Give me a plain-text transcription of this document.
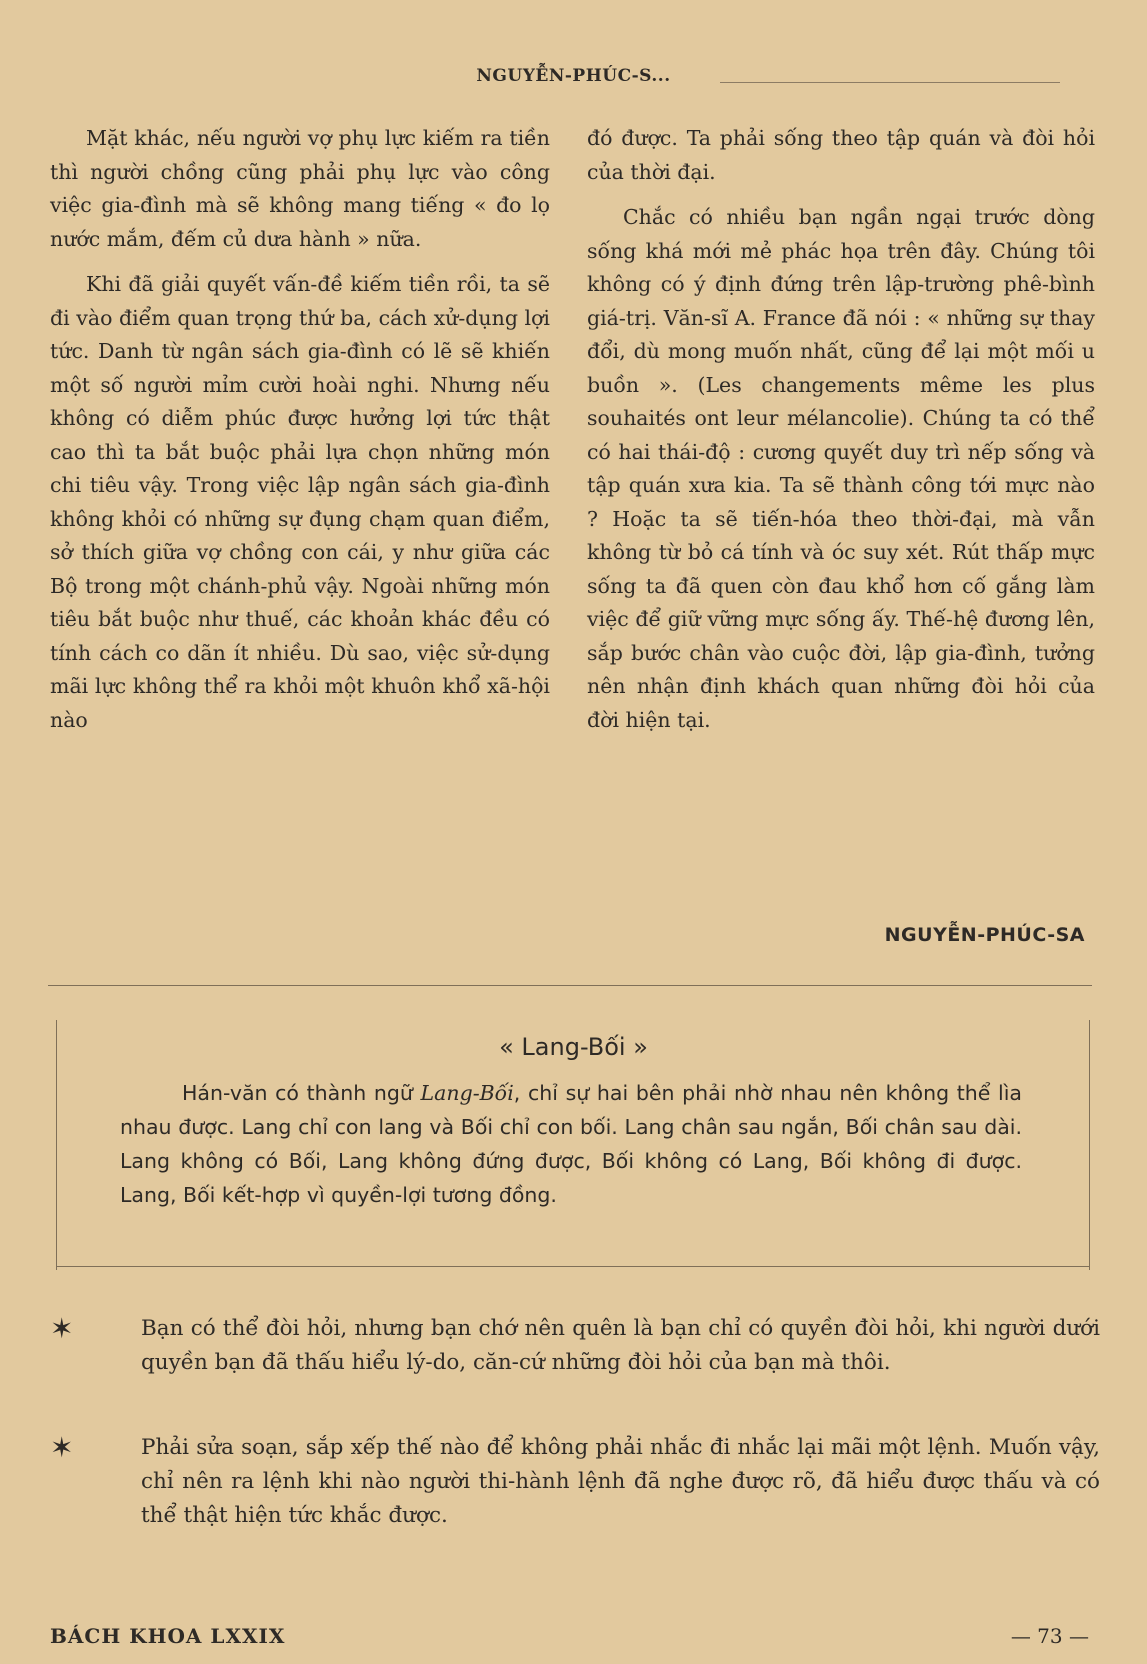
NGUYỄN-PHÚC-S...

Mặt khác, nếu người vợ phụ lực kiếm ra tiền thì người chồng cũng phải phụ lực vào công việc gia-đình mà sẽ không mang tiếng « đo lọ nước mắm, đếm củ dưa hành » nữa.

Khi đã giải quyết vấn-đề kiếm tiền rồi, ta sẽ đi vào điểm quan trọng thứ ba, cách xử-dụng lợi tức. Danh từ ngân sách gia-đình có lẽ sẽ khiến một số người mỉm cười hoài nghi. Nhưng nếu không có diễm phúc được hưởng lợi tức thật cao thì ta bắt buộc phải lựa chọn những món chi tiêu vậy. Trong việc lập ngân sách gia-đình không khỏi có những sự đụng chạm quan điểm, sở thích giữa vợ chồng con cái, y như giữa các Bộ trong một chánh-phủ vậy. Ngoài những món tiêu bắt buộc như thuế, các khoản khác đều có tính cách co dãn ít nhiều. Dù sao, việc sử-dụng mãi lực không thể ra khỏi một khuôn khổ xã-hội nào

đó được. Ta phải sống theo tập quán và đòi hỏi của thời đại.

Chắc có nhiều bạn ngần ngại trước dòng sống khá mới mẻ phác họa trên đây. Chúng tôi không có ý định đứng trên lập-trường phê-bình giá-trị. Văn-sĩ A. France đã nói : « những sự thay đổi, dù mong muốn nhất, cũng để lại một mối u buồn ». (Les changements même les plus souhaités ont leur mélancolie). Chúng ta có thể có hai thái-độ : cương quyết duy trì nếp sống và tập quán xưa kia. Ta sẽ thành công tới mực nào ? Hoặc ta sẽ tiến-hóa theo thời-đại, mà vẫn không từ bỏ cá tính và óc suy xét. Rút thấp mực sống ta đã quen còn đau khổ hơn cố gắng làm việc để giữ vững mực sống ấy. Thế-hệ đương lên, sắp bước chân vào cuộc đời, lập gia-đình, tưởng nên nhận định khách quan những đòi hỏi của đời hiện tại.

NGUYỄN-PHÚC-SA
« Lang-Bối »
Hán-văn có thành ngữ Lang-Bối, chỉ sự hai bên phải nhờ nhau nên không thể lìa nhau được. Lang chỉ con lang và Bối chỉ con bối. Lang chân sau ngắn, Bối chân sau dài. Lang không có Bối, Lang không đứng được, Bối không có Lang, Bối không đi được. Lang, Bối kết-hợp vì quyền-lợi tương đồng.
✶	Bạn có thể đòi hỏi, nhưng bạn chớ nên quên là bạn chỉ có quyền đòi hỏi, khi người dưới quyền bạn đã thấu hiểu lý-do, căn-cứ những đòi hỏi của bạn mà thôi.
✶	Phải sửa soạn, sắp xếp thế nào để không phải nhắc đi nhắc lại mãi một lệnh. Muốn vậy, chỉ nên ra lệnh khi nào người thi-hành lệnh đã nghe được rõ, đã hiểu được thấu và có thể thật hiện tức khắc được.
BÁCH KHOA LXXIX	— 73 —
